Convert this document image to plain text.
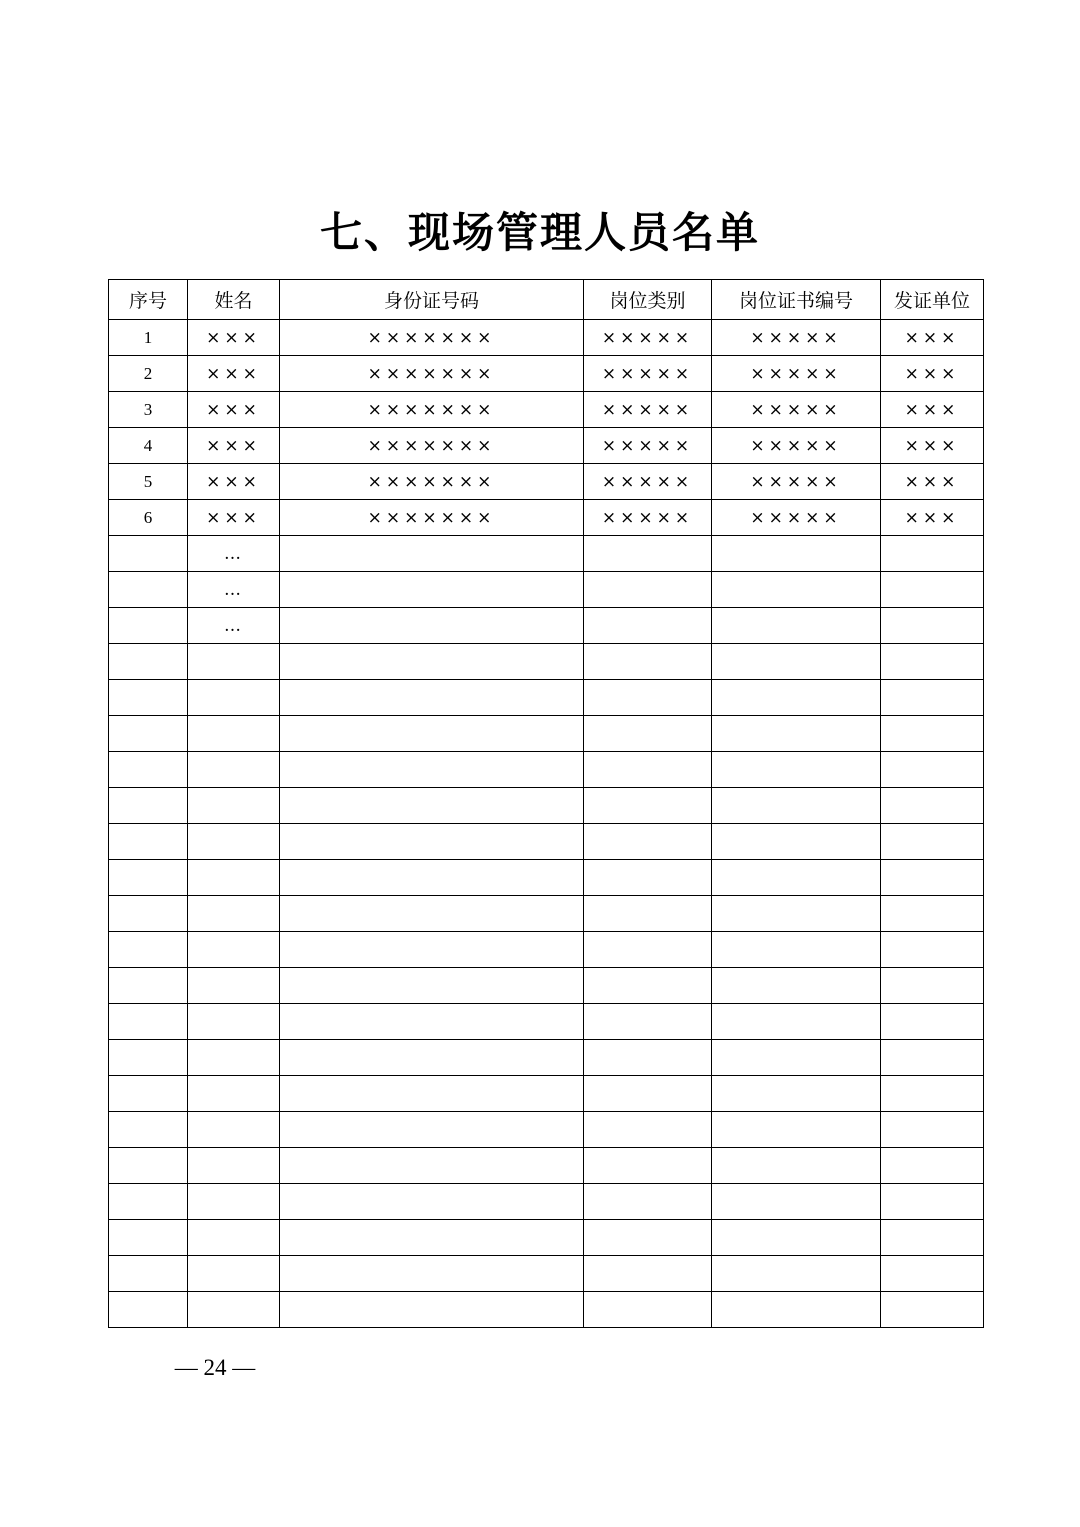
七、现场管理人员名单
序号	姓名	身份证号码	岗位类别	岗位证书编号	发证单位
1	×××	×××××××	×××××	×××××	×××
2	×××	×××××××	×××××	×××××	×××
3	×××	×××××××	×××××	×××××	×××
4	×××	×××××××	×××××	×××××	×××
5	×××	×××××××	×××××	×××××	×××
6	×××	×××××××	×××××	×××××	×××
	…				
	…				
	…				

— 24 —
